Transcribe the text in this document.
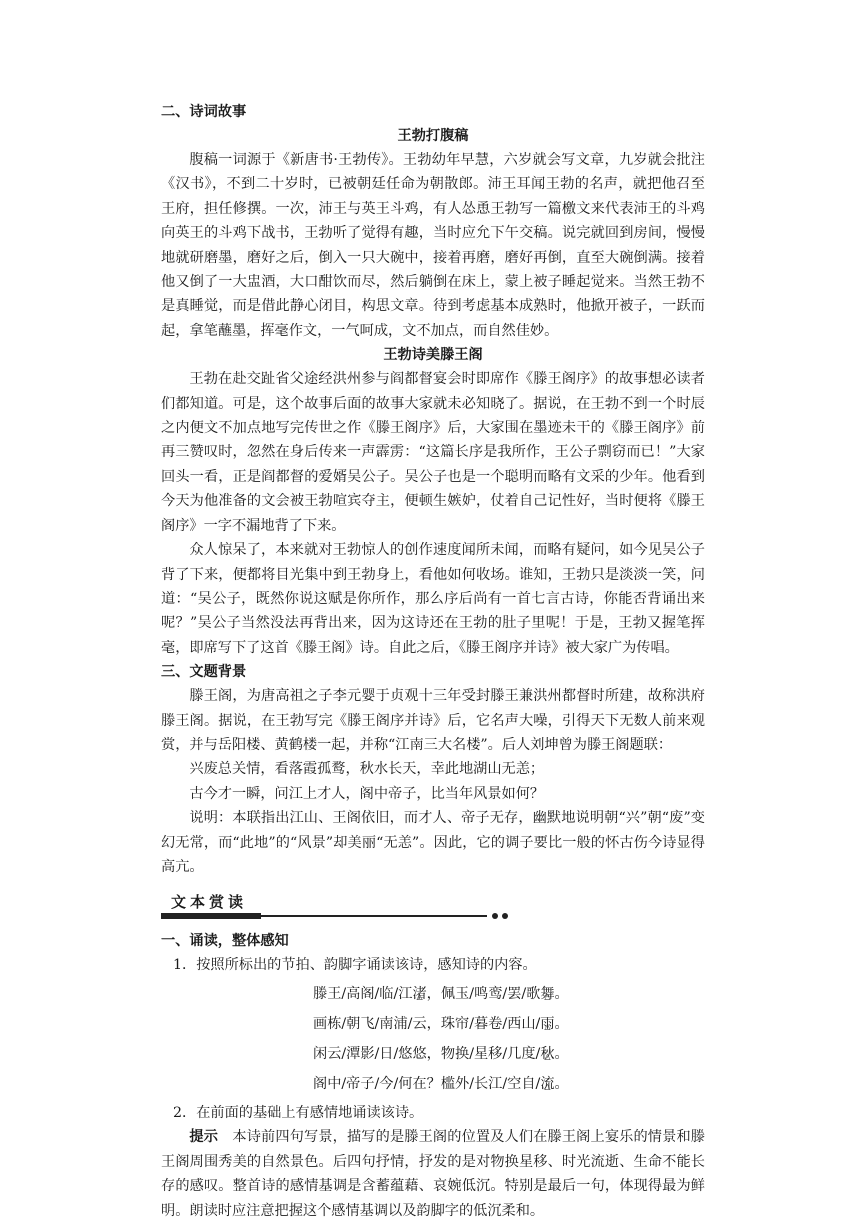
二、诗词故事
王勃打腹稿

腹稿一词源于《新唐书·王勃传》。王勃幼年早慧，六岁就会写文章，九岁就会批注《汉书》，不到二十岁时，已被朝廷任命为朝散郎。沛王耳闻王勃的名声，就把他召至王府，担任修撰。一次，沛王与英王斗鸡，有人怂恿王勃写一篇檄文来代表沛王的斗鸡向英王的斗鸡下战书，王勃听了觉得有趣，当时应允下午交稿。说完就回到房间，慢慢地就研磨墨，磨好之后，倒入一只大碗中，接着再磨，磨好再倒，直至大碗倒满。接着他又倒了一大盅酒，大口酣饮而尽，然后躺倒在床上，蒙上被子睡起觉来。当然王勃不是真睡觉，而是借此静心闭目，构思文章。待到考虑基本成熟时，他掀开被子，一跃而起，拿笔蘸墨，挥毫作文，一气呵成，文不加点，而自然佳妙。

王勃诗美滕王阁

王勃在赴交趾省父途经洪州参与阎都督宴会时即席作《滕王阁序》的故事想必读者们都知道。可是，这个故事后面的故事大家就未必知晓了。据说，在王勃不到一个时辰之内便文不加点地写完传世之作《滕王阁序》后，大家围在墨迹未干的《滕王阁序》前再三赞叹时，忽然在身后传来一声霹雳：“这篇长序是我所作，王公子剽窃而已！”大家回头一看，正是阎都督的爱婿吴公子。吴公子也是一个聪明而略有文采的少年。他看到今天为他准备的文会被王勃喧宾夺主，便顿生嫉妒，仗着自己记性好，当时便将《滕王阁序》一字不漏地背了下来。

众人惊呆了，本来就对王勃惊人的创作速度闻所未闻，而略有疑问，如今见吴公子背了下来，便都将目光集中到王勃身上，看他如何收场。谁知，王勃只是淡淡一笑，问道：“吴公子，既然你说这赋是你所作，那么序后尚有一首七言古诗，你能否背诵出来呢？”吴公子当然没法再背出来，因为这诗还在王勃的肚子里呢！于是，王勃又握笔挥毫，即席写下了这首《滕王阁》诗。自此之后，《滕王阁序并诗》被大家广为传唱。

三、文题背景

滕王阁，为唐高祖之子李元婴于贞观十三年受封滕王兼洪州都督时所建，故称洪府滕王阁。据说，在王勃写完《滕王阁序并诗》后，它名声大噪，引得天下无数人前来观赏，并与岳阳楼、黄鹤楼一起，并称“江南三大名楼”。后人刘坤曾为滕王阁题联：

兴废总关情，看落霞孤鹜，秋水长天，幸此地湖山无恙；

古今才一瞬，问江上才人，阁中帝子，比当年风景如何？

说明：本联指出江山、王阁依旧，而才人、帝子无存，幽默地说明朝“兴”朝“废”变幻无常，而“此地”的“风景”却美丽“无恙”。因此，它的调子要比一般的怀古伤今诗显得高亢。

文本赏读
一、诵读，整体感知

1．按照所标出的节拍、韵脚字诵读该诗，感知诗的内容。

滕王/高阁/临/江渚 △，佩玉/鸣鸾/罢/歌舞 △。
画栋/朝飞/南浦/云，珠帘/暮卷/西山/雨 △。
闲云/潭影/日/悠悠，物换/星移/几度/秋 △。
阁中/帝子/今/何在？槛外/长江/空自/流 △。

2．在前面的基础上有感情地诵读该诗。

提示　 本诗前四句写景，描写的是滕王阁的位置及人们在滕王阁上宴乐的情景和滕王阁周围秀美的自然景色。后四句抒情，抒发的是对物换星移、时光流逝、生命不能长存的感叹。整首诗的感情基调是含蓄蕴藉、哀婉低沉。特别是最后一句，体现得最为鲜明。朗读时应注意把握这个感情基调以及韵脚字的低沉柔和。
